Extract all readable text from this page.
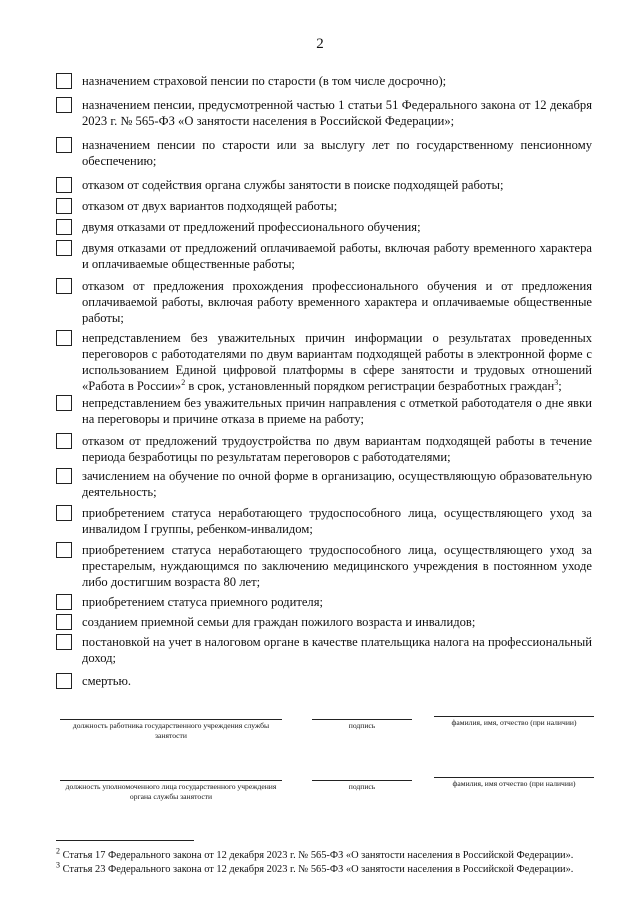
2
назначением страховой пенсии по старости (в том числе досрочно);
назначением пенсии, предусмотренной частью 1 статьи 51 Федерального закона от 12 декабря 2023 г. № 565-ФЗ «О занятости населения в Российской Федерации»;
назначением пенсии по старости или за выслугу лет по государственному пенсионному обеспечению;
отказом от содействия органа службы занятости в поиске подходящей работы;
отказом от двух вариантов подходящей работы;
двумя отказами от предложений профессионального обучения;
двумя отказами от предложений оплачиваемой работы, включая работу временного характера и оплачиваемые общественные работы;
отказом от предложения прохождения профессионального обучения и от предложения оплачиваемой работы, включая работу временного характера и оплачиваемые общественные работы;
непредставлением без уважительных причин информации о результатах проведенных переговоров с работодателями по двум вариантам подходящей работы в электронной форме с использованием Единой цифровой платформы в сфере занятости и трудовых отношений «Работа в России»$^2$ в срок, установленный порядком регистрации безработных граждан$^3$;
непредставлением без уважительных причин направления с отметкой работодателя о дне явки на переговоры и причине отказа в приеме на работу;
отказом от предложений трудоустройства по двум вариантам подходящей работы в течение периода безработицы по результатам переговоров с работодателями;
зачислением на обучение по очной форме в организацию, осуществляющую образовательную деятельность;
приобретением статуса неработающего трудоспособного лица, осуществляющего уход за инвалидом I группы, ребенком-инвалидом;
приобретением статуса неработающего трудоспособного лица, осуществляющего уход за престарелым, нуждающимся по заключению медицинского учреждения в постоянном уходе либо достигшим возраста 80 лет;
приобретением статуса приемного родителя;
созданием приемной семьи для граждан пожилого возраста и инвалидов;
постановкой на учет в налоговом органе в качестве плательщика налога на профессиональный доход;
смертью.
должность работника государственного учреждения службы занятости
подпись	фамилия, имя, отчество (при наличии)
должность уполномоченного лица государственного учреждения органа службы занятости
подпись	фамилия, имя отчество (при наличии)
$^2$ Статья 17 Федерального закона от 12 декабря 2023 г. № 565-ФЗ «О занятости населения в Российской Федерации».
$^3$ Статья 23 Федерального закона от 12 декабря 2023 г. № 565-ФЗ «О занятости населения в Российской Федерации».
